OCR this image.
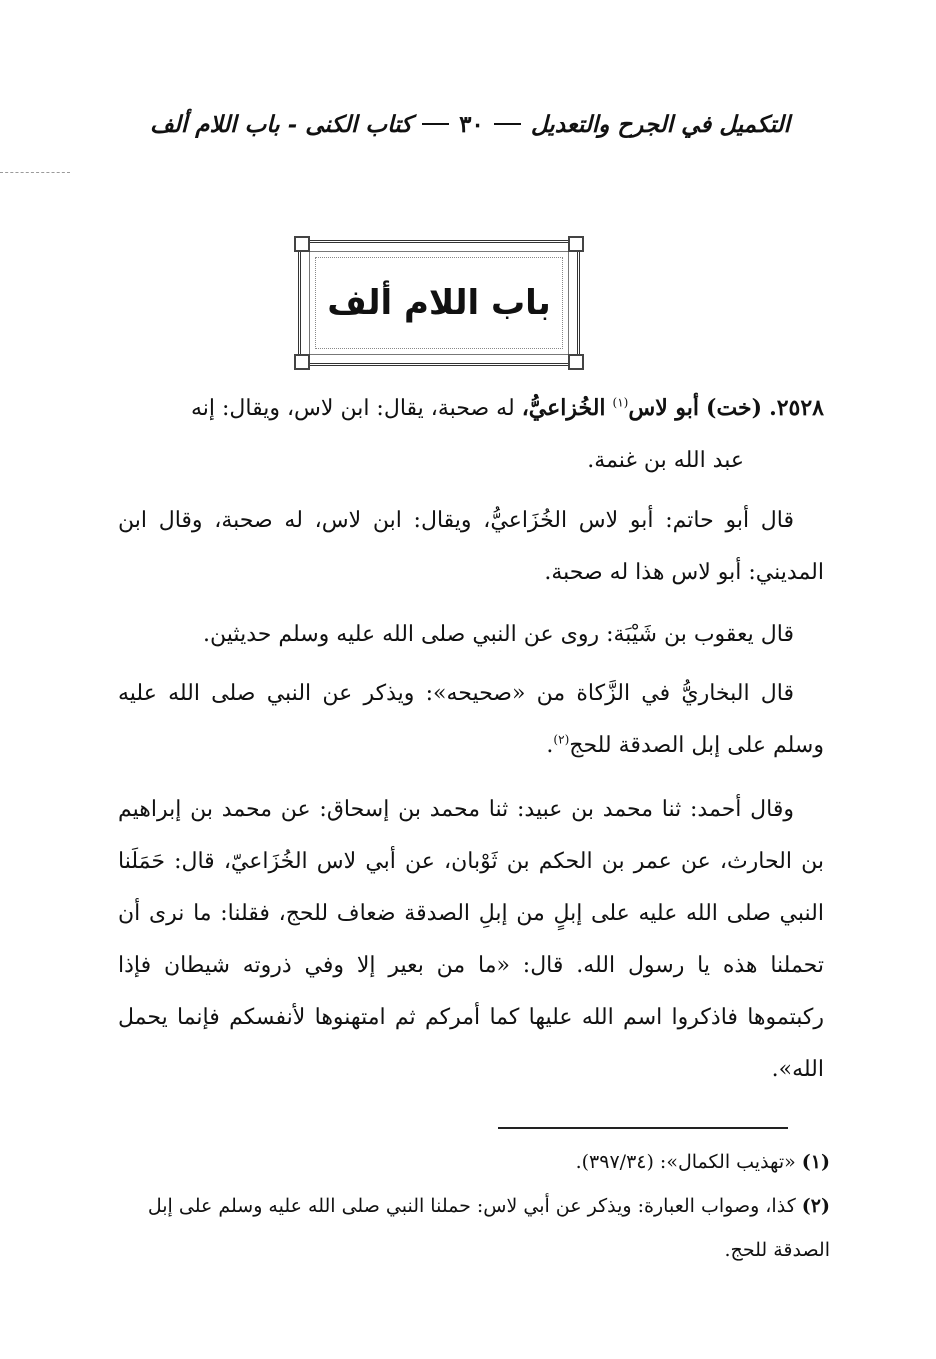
التكميل في الجرح والتعديل
٣٠
كتاب الكنى - باب اللام ألف
باب اللام ألف

٢٥٢٨. (خت) أبو لاس$^{(١)}$ الخُزاعيُّ، له صحبة، يقال: ابن لاس، ويقال: إنه

عبد الله بن غنمة.

قال أبو حاتم: أبو لاس الخُزَاعيُّ، ويقال: ابن لاس، له صحبة، وقال ابن المديني: أبو لاس هذا له صحبة.

قال يعقوب بن شَيْبَة: روى عن النبي صلى الله عليه وسلم حديثين.

قال البخاريُّ في الزَّكاة من «صحيحه»: ويذكر عن النبي صلى الله عليه وسلم على إبل الصدقة للحج$^{(٢)}$.

وقال أحمد: ثنا محمد بن عبيد: ثنا محمد بن إسحاق: عن محمد بن إبراهيم بن الحارث، عن عمر بن الحكم بن ثَوْبان، عن أبي لاس الخُزَاعيّ، قال: حَمَلَنا النبي صلى الله عليه على إبلٍ من إبلِ الصدقة ضعاف للحج، فقلنا: ما نرى أن تحملنا هذه يا رسول الله. قال: «ما من بعير إلا وفي ذروته شيطان فإذا ركبتموها فاذكروا اسم الله عليها كما أمركم ثم امتهنوها لأنفسكم فإنما يحمل الله».

(١) «تهذيب الكمال»: (٣٩٧/٣٤).

(٢) كذا، وصواب العبارة: ويذكر عن أبي لاس: حملنا النبي صلى الله عليه وسلم على إبل الصدقة للحج.
